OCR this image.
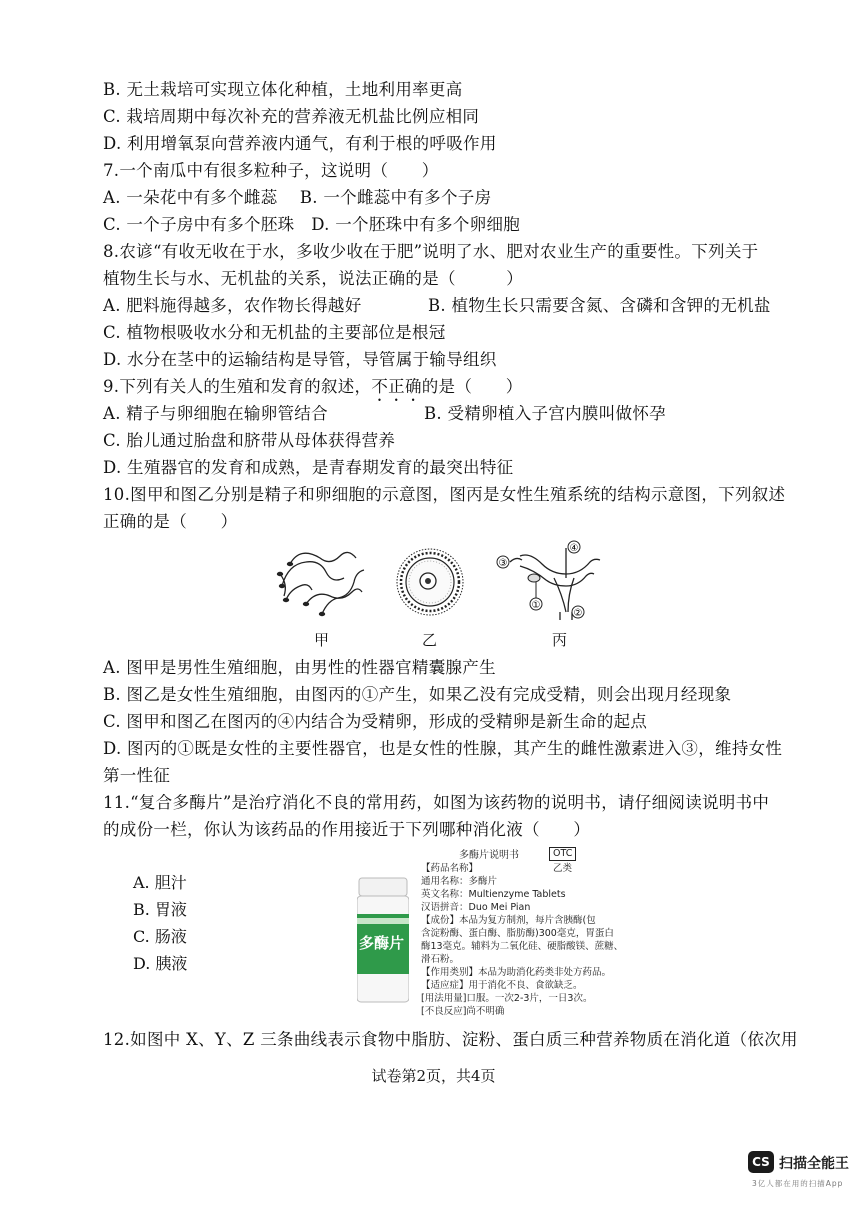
B. 无土栽培可实现立体化种植，土地利用率更高
C. 栽培周期中每次补充的营养液无机盐比例应相同
D. 利用增氧泵向营养液内通气，有利于根的呼吸作用
7.一个南瓜中有很多粒种子，这说明（　　）
A. 一朵花中有多个雌蕊　 B. 一个雌蕊中有多个子房
C. 一个子房中有多个胚珠　D. 一个胚珠中有多个卵细胞
8.农谚“有收无收在于水，多收少收在于肥”说明了水、肥对农业生产的重要性。下列关于
植物生长与水、无机盐的关系，说法正确的是（　　　）
A. 肥料施得越多，农作物长得越好	B. 植物生长只需要含氮、含磷和含钾的无机盐
C. 植物根吸收水分和无机盐的主要部位是根冠
D. 水分在茎中的运输结构是导管，导管属于输导组织
9.下列有关人的生殖和发育的叙述，不正确的是（　　）
A. 精子与卵细胞在输卵管结合	B. 受精卵植入子宫内膜叫做怀孕
C. 胎儿通过胎盘和脐带从母体获得营养
D. 生殖器官的发育和成熟，是青春期发育的最突出特征
10.图甲和图乙分别是精子和卵细胞的示意图，图丙是女性生殖系统的结构示意图，下列叙述
正确的是（　　）
③
④
①
②
甲	乙	丙
A. 图甲是男性生殖细胞，由男性的性器官精囊腺产生
B. 图乙是女性生殖细胞，由图丙的①产生，如果乙没有完成受精，则会出现月经现象
C. 图甲和图乙在图丙的④内结合为受精卵，形成的受精卵是新生命的起点
D. 图丙的①既是女性的主要性器官，也是女性的性腺，其产生的雌性激素进入③，维持女性
第一性征
11.“复合多酶片”是治疗消化不良的常用药，如图为该药物的说明书，请仔细阅读说明书中
的成份一栏，你认为该药品的作用接近于下列哪种消化液（　　）
A. 胆汁
B. 胃液
C. 肠液
D. 胰液
多酶片
多酶片说明书	OTC
乙类
【药品名称】
通用名称：多酶片
英文名称：Multienzyme Tablets
汉语拼音：Duo Mei Pian
【成份】本品为复方制剂，每片含胰酶(包
含淀粉酶、蛋白酶、脂肪酶)300毫克，胃蛋白
酶13毫克。辅料为二氧化硅、硬脂酸镁、蔗糖、
滑石粉。
【作用类别】本品为助消化药类非处方药品。
【适应症】用于消化不良、食欲缺乏。
[用法用量]口服。一次2-3片，一日3次。
[不良反应]尚不明确
12.如图中 X、Y、Z 三条曲线表示食物中脂肪、淀粉、蛋白质三种营养物质在消化道（依次用
试卷第2页，共4页
CS 扫描全能王
3亿人都在用的扫描App
